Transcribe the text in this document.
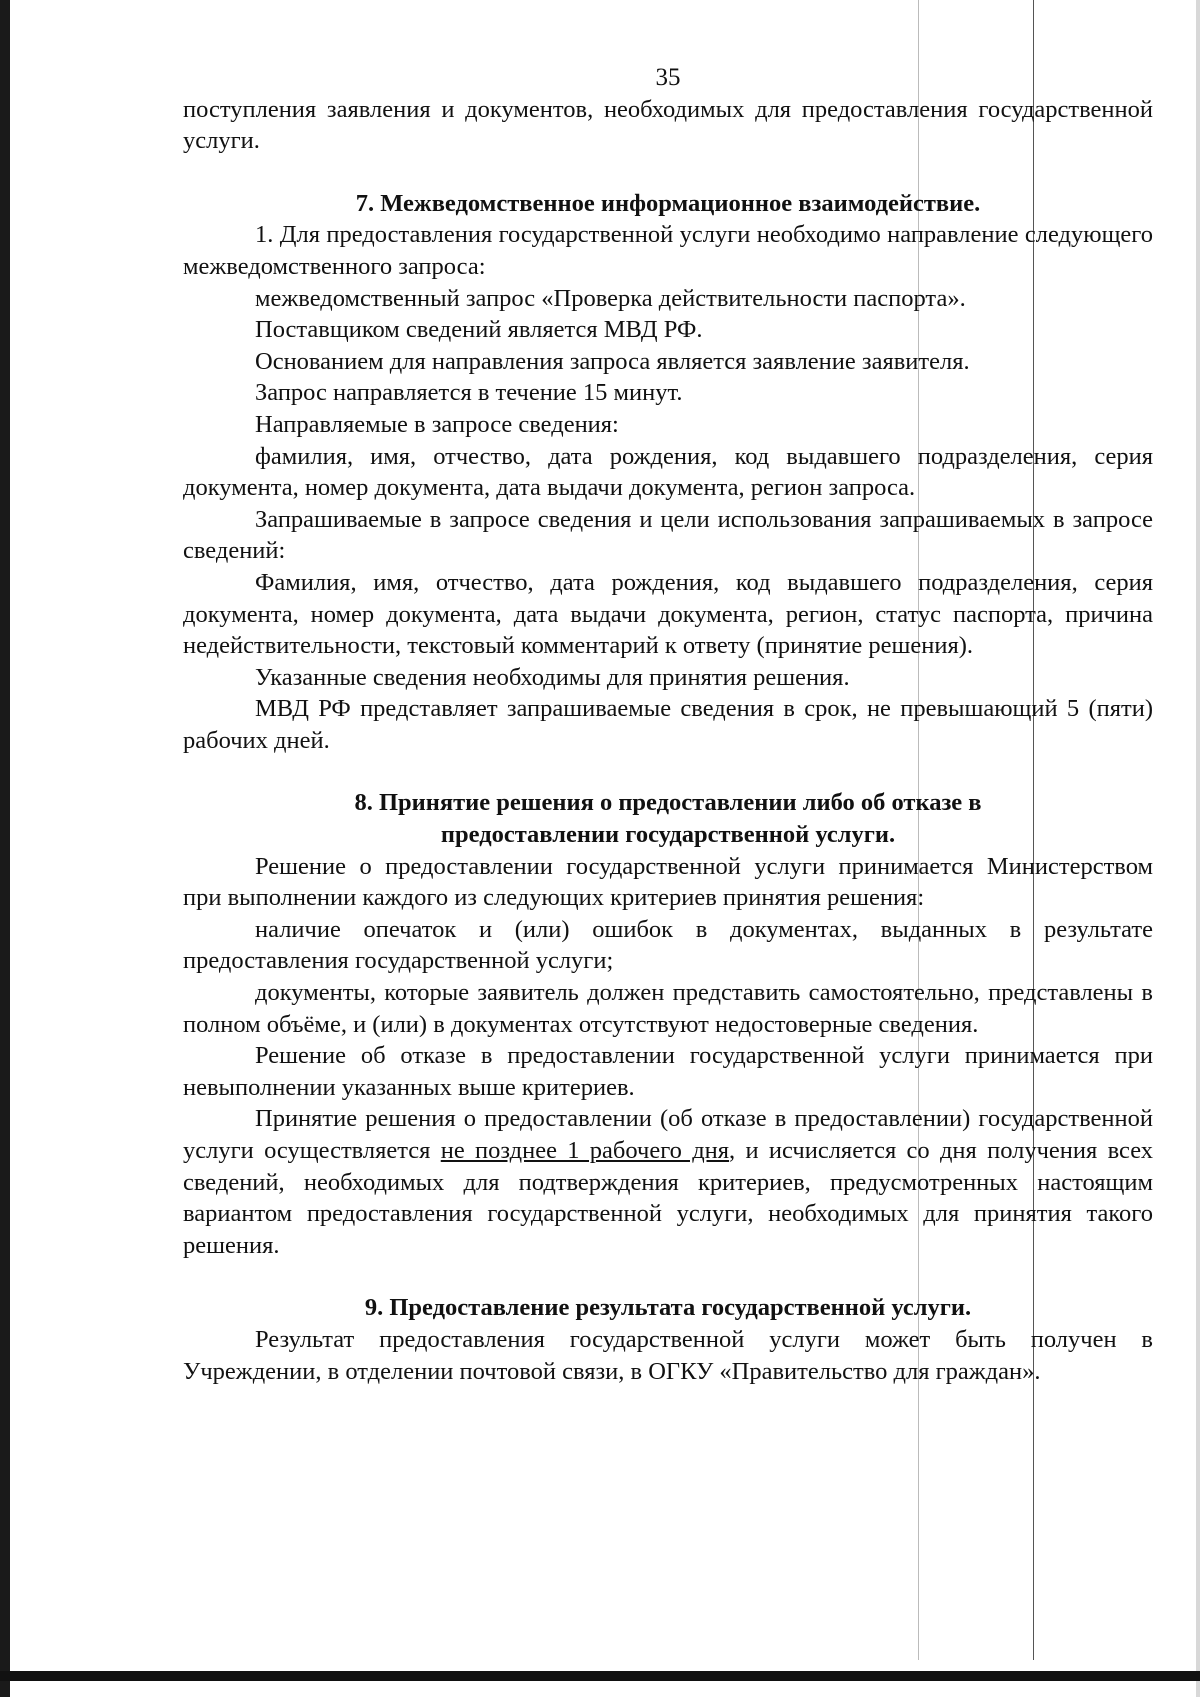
35

поступления заявления и документов, необходимых для предоставления государственной услуги.

7. Межведомственное информационное взаимодействие.

1. Для предоставления государственной услуги необходимо направление следующего межведомственного запроса:

межведомственный запрос «Проверка действительности паспорта».

Поставщиком сведений является МВД РФ.

Основанием для направления запроса является заявление заявителя.

Запрос направляется в течение 15 минут.

Направляемые в запросе сведения:

фамилия, имя, отчество, дата рождения, код выдавшего подразделения, серия документа, номер документа, дата выдачи документа, регион запроса.

Запрашиваемые в запросе сведения и цели использования запрашиваемых в запросе сведений:

Фамилия, имя, отчество, дата рождения, код выдавшего подразделения, серия документа, номер документа, дата выдачи документа, регион, статус паспорта, причина недействительности, текстовый комментарий к ответу (принятие решения).

Указанные сведения необходимы для принятия решения.

МВД РФ представляет запрашиваемые сведения в срок, не превышающий 5 (пяти) рабочих дней.

8. Принятие решения о предоставлении либо об отказе в
предоставлении государственной услуги.

Решение о предоставлении государственной услуги принимается Министерством при выполнении каждого из следующих критериев принятия решения:

наличие опечаток и (или) ошибок в документах, выданных в результате предоставления государственной услуги;

документы, которые заявитель должен представить самостоятельно, представлены в полном объёме, и (или) в документах отсутствуют недостоверные сведения.

Решение об отказе в предоставлении государственной услуги принимается при невыполнении указанных выше критериев.

Принятие решения о предоставлении (об отказе в предоставлении) государственной услуги осуществляется не позднее 1 рабочего дня, и исчисляется со дня получения всех сведений, необходимых для подтверждения критериев, предусмотренных настоящим вариантом предоставления государственной услуги, необходимых для принятия такого решения.

9. Предоставление результата государственной услуги.

Результат предоставления государственной услуги может быть получен в Учреждении, в отделении почтовой связи, в ОГКУ «Правительство для граждан».
